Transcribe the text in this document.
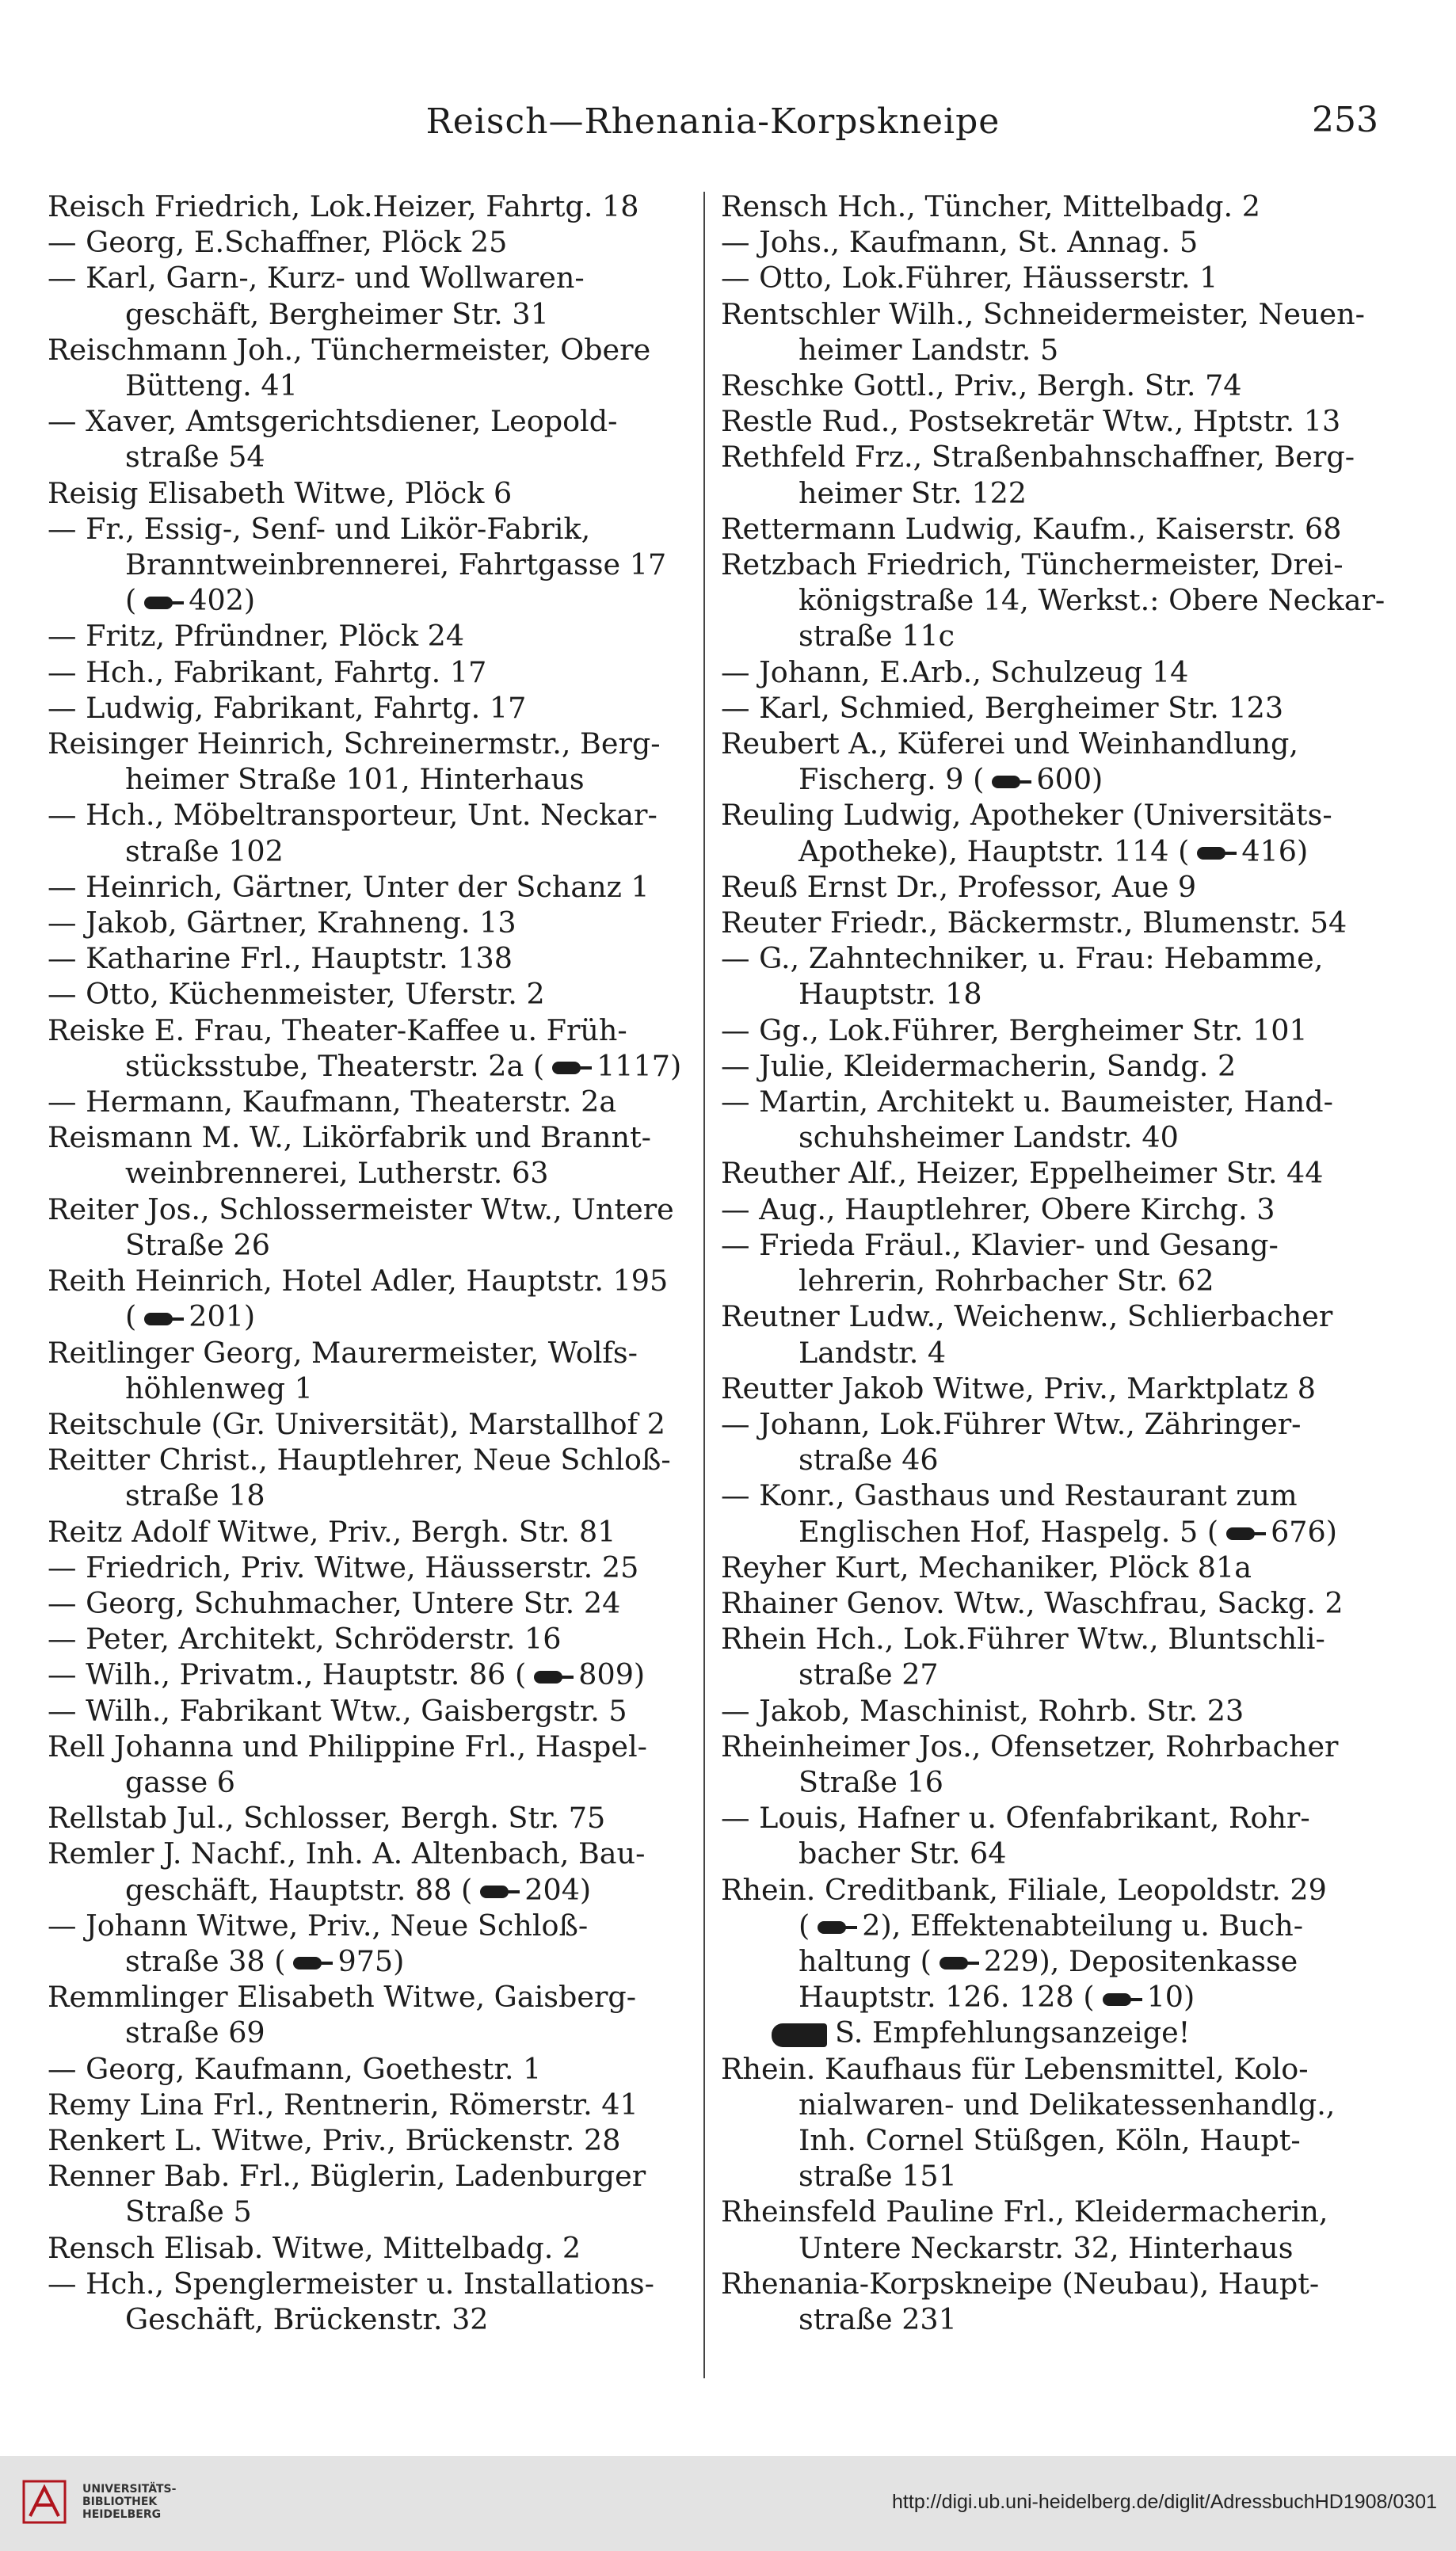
Reisch—Rhenania-Korpskneipe	253
Reisch Friedrich, Lok.Heizer, Fahrtg. 18
— Georg, E.Schaffner, Plöck 25
— Karl, Garn-, Kurz- und Wollwaren-
geschäft, Bergheimer Str. 31
Reischmann Joh., Tünchermeister, Obere
Bütteng. 41
— Xaver, Amtsgerichtsdiener, Leopold-
straße 54
Reisig Elisabeth Witwe, Plöck 6
— Fr., Essig-, Senf- und Likör-Fabrik,
Branntweinbrennerei, Fahrtgasse 17
( 402)
— Fritz, Pfründner, Plöck 24
— Hch., Fabrikant, Fahrtg. 17
— Ludwig, Fabrikant, Fahrtg. 17
Reisinger Heinrich, Schreinermstr., Berg-
heimer Straße 101, Hinterhaus
— Hch., Möbeltransporteur, Unt. Neckar-
straße 102
— Heinrich, Gärtner, Unter der Schanz 1
— Jakob, Gärtner, Krahneng. 13
— Katharine Frl., Hauptstr. 138
— Otto, Küchenmeister, Uferstr. 2
Reiske E. Frau, Theater-Kaffee u. Früh-
stücksstube, Theaterstr. 2a ( 1117)
— Hermann, Kaufmann, Theaterstr. 2a
Reismann M. W., Likörfabrik und Brannt-
weinbrennerei, Lutherstr. 63
Reiter Jos., Schlossermeister Wtw., Untere
Straße 26
Reith Heinrich, Hotel Adler, Hauptstr. 195
( 201)
Reitlinger Georg, Maurermeister, Wolfs-
höhlenweg 1
Reitschule (Gr. Universität), Marstallhof 2
Reitter Christ., Hauptlehrer, Neue Schloß-
straße 18
Reitz Adolf Witwe, Priv., Bergh. Str. 81
— Friedrich, Priv. Witwe, Häusserstr. 25
— Georg, Schuhmacher, Untere Str. 24
— Peter, Architekt, Schröderstr. 16
— Wilh., Privatm., Hauptstr. 86 ( 809)
— Wilh., Fabrikant Wtw., Gaisbergstr. 5
Rell Johanna und Philippine Frl., Haspel-
gasse 6
Rellstab Jul., Schlosser, Bergh. Str. 75
Remler J. Nachf., Inh. A. Altenbach, Bau-
geschäft, Hauptstr. 88 ( 204)
— Johann Witwe, Priv., Neue Schloß-
straße 38 ( 975)
Remmlinger Elisabeth Witwe, Gaisberg-
straße 69
— Georg, Kaufmann, Goethestr. 1
Remy Lina Frl., Rentnerin, Römerstr. 41
Renkert L. Witwe, Priv., Brückenstr. 28
Renner Bab. Frl., Büglerin, Ladenburger
Straße 5
Rensch Elisab. Witwe, Mittelbadg. 2
— Hch., Spenglermeister u. Installations-
Geschäft, Brückenstr. 32
Rensch Hch., Tüncher, Mittelbadg. 2
— Johs., Kaufmann, St. Annag. 5
— Otto, Lok.Führer, Häusserstr. 1
Rentschler Wilh., Schneidermeister, Neuen-
heimer Landstr. 5
Reschke Gottl., Priv., Bergh. Str. 74
Restle Rud., Postsekretär Wtw., Hptstr. 13
Rethfeld Frz., Straßenbahnschaffner, Berg-
heimer Str. 122
Rettermann Ludwig, Kaufm., Kaiserstr. 68
Retzbach Friedrich, Tünchermeister, Drei-
königstraße 14, Werkst.: Obere Neckar-
straße 11c
— Johann, E.Arb., Schulzeug 14
— Karl, Schmied, Bergheimer Str. 123
Reubert A., Küferei und Weinhandlung,
Fischerg. 9 ( 600)
Reuling Ludwig, Apotheker (Universitäts-
Apotheke), Hauptstr. 114 ( 416)
Reuß Ernst Dr., Professor, Aue 9
Reuter Friedr., Bäckermstr., Blumenstr. 54
— G., Zahntechniker, u. Frau: Hebamme,
Hauptstr. 18
— Gg., Lok.Führer, Bergheimer Str. 101
— Julie, Kleidermacherin, Sandg. 2
— Martin, Architekt u. Baumeister, Hand-
schuhsheimer Landstr. 40
Reuther Alf., Heizer, Eppelheimer Str. 44
— Aug., Hauptlehrer, Obere Kirchg. 3
— Frieda Fräul., Klavier- und Gesang-
lehrerin, Rohrbacher Str. 62
Reutner Ludw., Weichenw., Schlierbacher
Landstr. 4
Reutter Jakob Witwe, Priv., Marktplatz 8
— Johann, Lok.Führer Wtw., Zähringer-
straße 46
— Konr., Gasthaus und Restaurant zum
Englischen Hof, Haspelg. 5 ( 676)
Reyher Kurt, Mechaniker, Plöck 81a
Rhainer Genov. Wtw., Waschfrau, Sackg. 2
Rhein Hch., Lok.Führer Wtw., Bluntschli-
straße 27
— Jakob, Maschinist, Rohrb. Str. 23
Rheinheimer Jos., Ofensetzer, Rohrbacher
Straße 16
— Louis, Hafner u. Ofenfabrikant, Rohr-
bacher Str. 64
Rhein. Creditbank, Filiale, Leopoldstr. 29
( 2), Effektenabteilung u. Buch-
haltung ( 229), Depositenkasse
Hauptstr. 126. 128 ( 10)
S. Empfehlungsanzeige!
Rhein. Kaufhaus für Lebensmittel, Kolo-
nialwaren- und Delikatessenhandlg.,
Inh. Cornel Stüßgen, Köln, Haupt-
straße 151
Rheinsfeld Pauline Frl., Kleidermacherin,
Untere Neckarstr. 32, Hinterhaus
Rhenania-Korpskneipe (Neubau), Haupt-
straße 231
UNIVERSITÄTS-
BIBLIOTHEK
HEIDELBERG
http://digi.ub.uni-heidelberg.de/diglit/AdressbuchHD1908/0301
